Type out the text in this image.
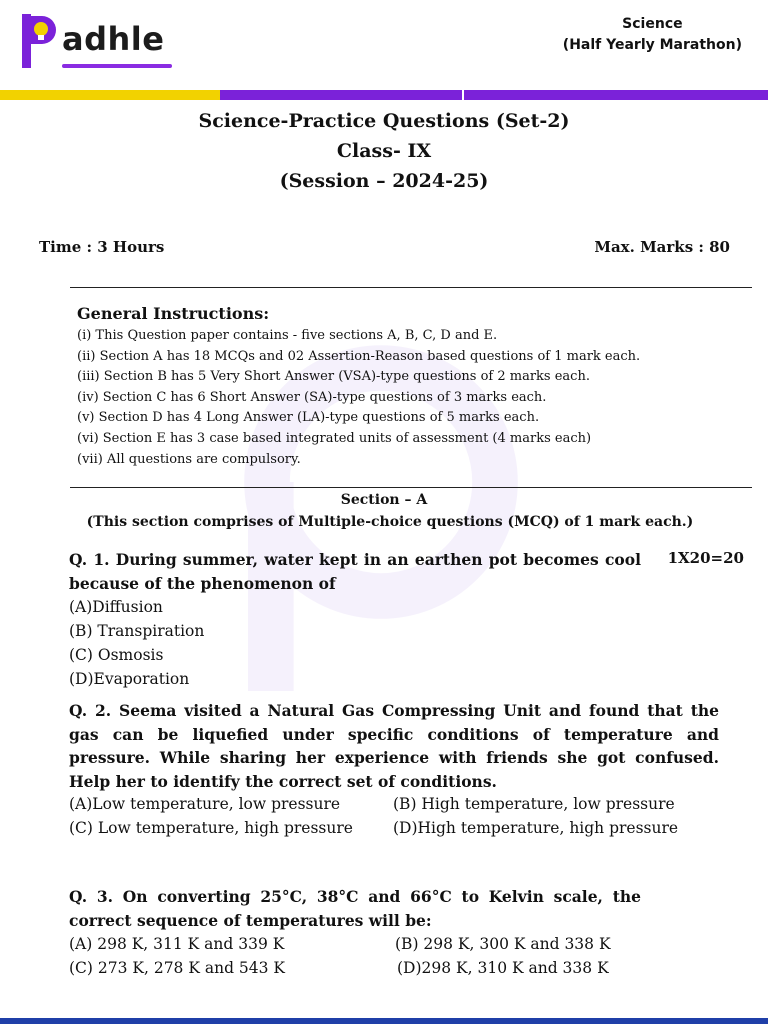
adhle	Science
(Half Yearly Marathon)
Science-Practice Questions (Set-2)
Class- IX
(Session – 2024-25)
Time : 3 Hours	Max. Marks : 80
General Instructions:
(i) This Question paper contains - five sections A, B, C, D and E.
(ii) Section A has 18 MCQs and 02 Assertion-Reason based questions of 1 mark each.
(iii) Section B has 5 Very Short Answer (VSA)-type questions of 2 marks each.
(iv) Section C has 6 Short Answer (SA)-type questions of 3 marks each.
(v) Section D has 4 Long Answer (LA)-type questions of 5 marks each.
(vi) Section E has 3 case based integrated units of assessment (4 marks each)
(vii) All questions are compulsory.
Section – A
(This section comprises of Multiple-choice questions (MCQ) of 1 mark each.)
Q. 1. During summer, water kept in an earthen pot becomes cool because of the phenomenon of
1X20=20
(A)Diffusion
(B) Transpiration
(C) Osmosis
(D)Evaporation
Q. 2. Seema visited a Natural Gas Compressing Unit and found that the gas can be liquefied under specific conditions of temperature and pressure. While sharing her experience with friends she got confused. Help her to identify the correct set of conditions.
(A)Low temperature, low pressure	(B) High temperature, low pressure
(C) Low temperature, high pressure	(D)High temperature, high pressure
Q. 3. On converting 25°C, 38°C and 66°C to Kelvin scale, the correct sequence of temperatures will be:
(A) 298 K, 311 K and 339 K	(B) 298 K, 300 K and 338 K
(C) 273 K, 278 K and 543 K	(D)298 K, 310 K and 338 K
